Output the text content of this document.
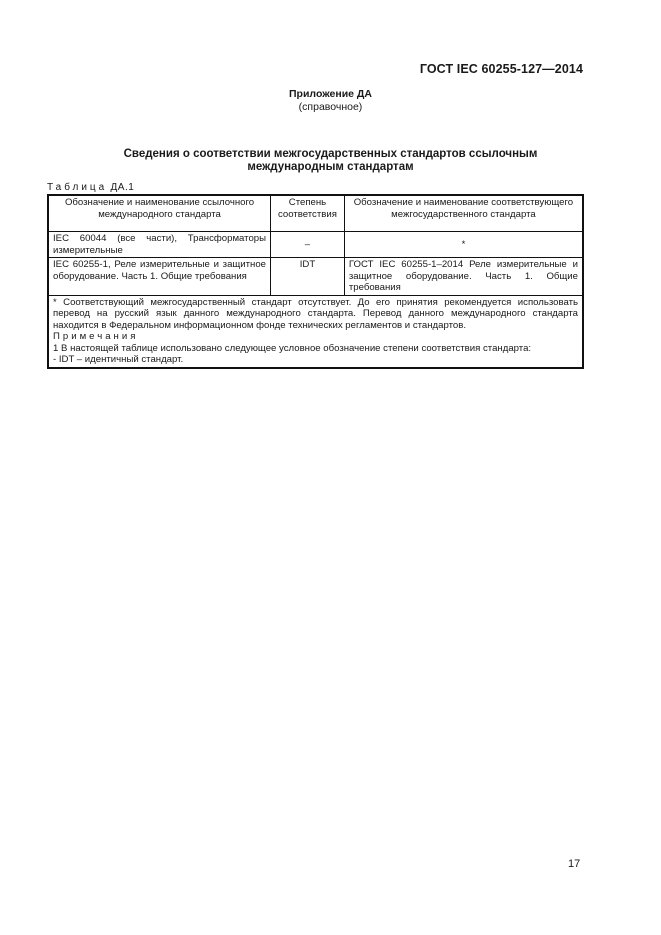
ГОСТ IEC 60255-127—2014
Приложение ДА
(справочное)
Сведения о соответствии межгосударственных стандартов ссылочным
международным стандартам
Таблица ДА.1
Обозначение и наименование ссылочного международного стандарта	Степень соответствия	Обозначение и наименование соответствующего межгосударственного стандарта
IEC 60044 (все части), Трансформаторы измерительные	–	*
IEC 60255-1, Реле измерительные и защитное оборудование. Часть 1. Общие требования	IDT	ГОСТ IEC 60255-1–2014 Реле измерительные и защитное оборудование. Часть 1. Общие требования

* Соответствующий межгосударственный стандарт отсутствует. До его принятия рекомендуется использовать перевод на русский язык данного международного стандарта. Перевод данного международного стандарта находится в Федеральном информационном фонде технических регламентов и стандартов.

Примечания

1 В настоящей таблице использовано следующее условное обозначение степени соответствия стандарта:

- IDT – идентичный стандарт.		

17
